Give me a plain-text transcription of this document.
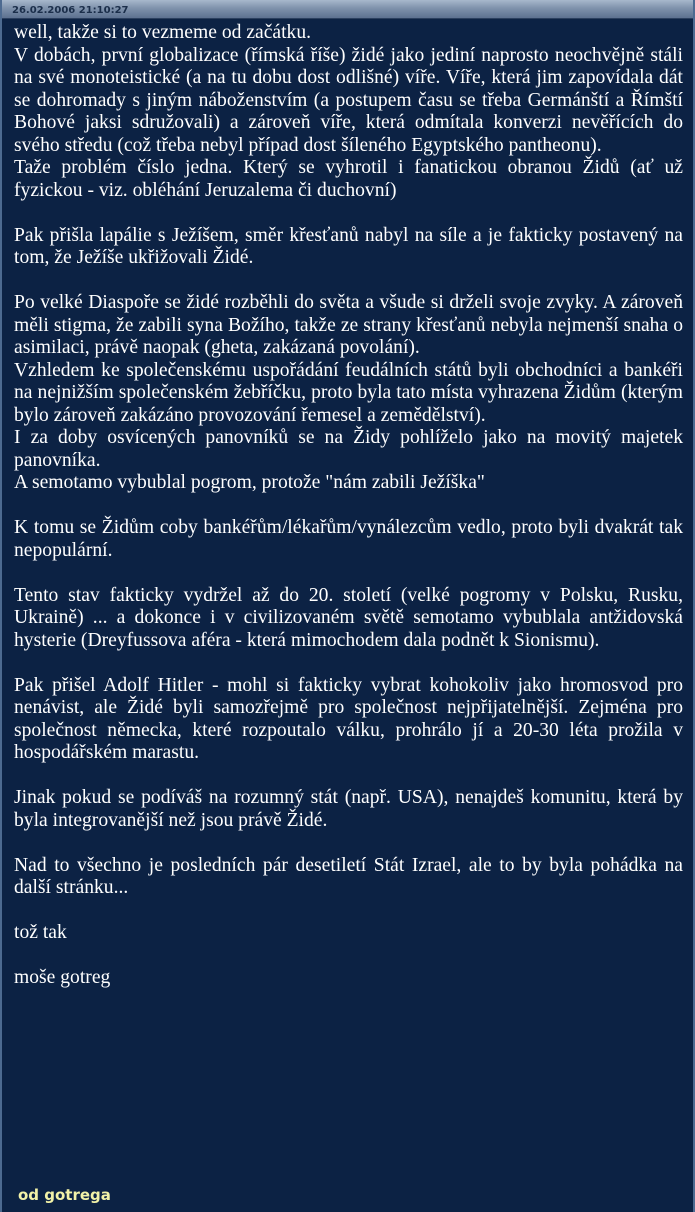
26.02.2006 21:10:27

well, takže si to vezmeme od začátku.

V dobách, první globalizace (římská říše) židé jako jediní naprosto neochvějně stáli na své monoteistické (a na tu dobu dost odlišné) víře. Víře, která jim zapovídala dát se dohromady s jiným náboženstvím (a postupem času se třeba Germánští a Římští Bohové jaksi sdružovali) a zároveň víře, která odmítala konverzi nevěřících do svého středu (což třeba nebyl případ dost šíleného Egyptského pantheonu).

Taže problém číslo jedna. Který se vyhrotil i fanatickou obranou Židů (ať už fyzickou - viz. obléhání Jeruzalema či duchovní)

Pak přišla lapálie s Ježíšem, směr křesťanů nabyl na síle a je fakticky postavený na tom, že Ježíše ukřižovali Židé.

Po velké Diaspoře se židé rozběhli do světa a všude si drželi svoje zvyky. A zároveň měli stigma, že zabili syna Božího, takže ze strany křesťanů nebyla nejmenší snaha o asimilaci, právě naopak (gheta, zakázaná povolání).

Vzhledem ke společenskému uspořádání feudálních států byli obchodníci a bankéři na nejnižším společenském žebříčku, proto byla tato místa vyhrazena Židům (kterým bylo zároveň zakázáno provozování řemesel a zemědělství).

I za doby osvícených panovníků se na Židy pohlíželo jako na movitý majetek panovníka.

A semotamo vybublal pogrom, protože "nám zabili Ježíška"

K tomu se Židům coby bankéřům/lékařům/vynálezcům vedlo, proto byli dvakrát tak nepopulární.

Tento stav fakticky vydržel až do 20. století (velké pogromy v Polsku, Rusku, Ukraině) ... a dokonce i v civilizovaném světě semotamo vybublala antžidovská hysterie (Dreyfussova aféra - která mimochodem dala podnět k Sionismu).

Pak přišel Adolf Hitler - mohl si fakticky vybrat kohokoliv jako hromosvod pro nenávist, ale Židé byli samozřejmě pro společnost nejpřijatelnější. Zejména pro společnost německa, které rozpoutalo válku, prohrálo jí a 20-30 léta prožila v hospodářském marastu.

Jinak pokud se podíváš na rozumný stát (např. USA), nenajdeš komunitu, která by byla integrovanější než jsou právě Židé.

Nad to všechno je posledních pár desetiletí Stát Izrael, ale to by byla pohádka na další stránku...

tož tak

moše gotreg

od gotrega
